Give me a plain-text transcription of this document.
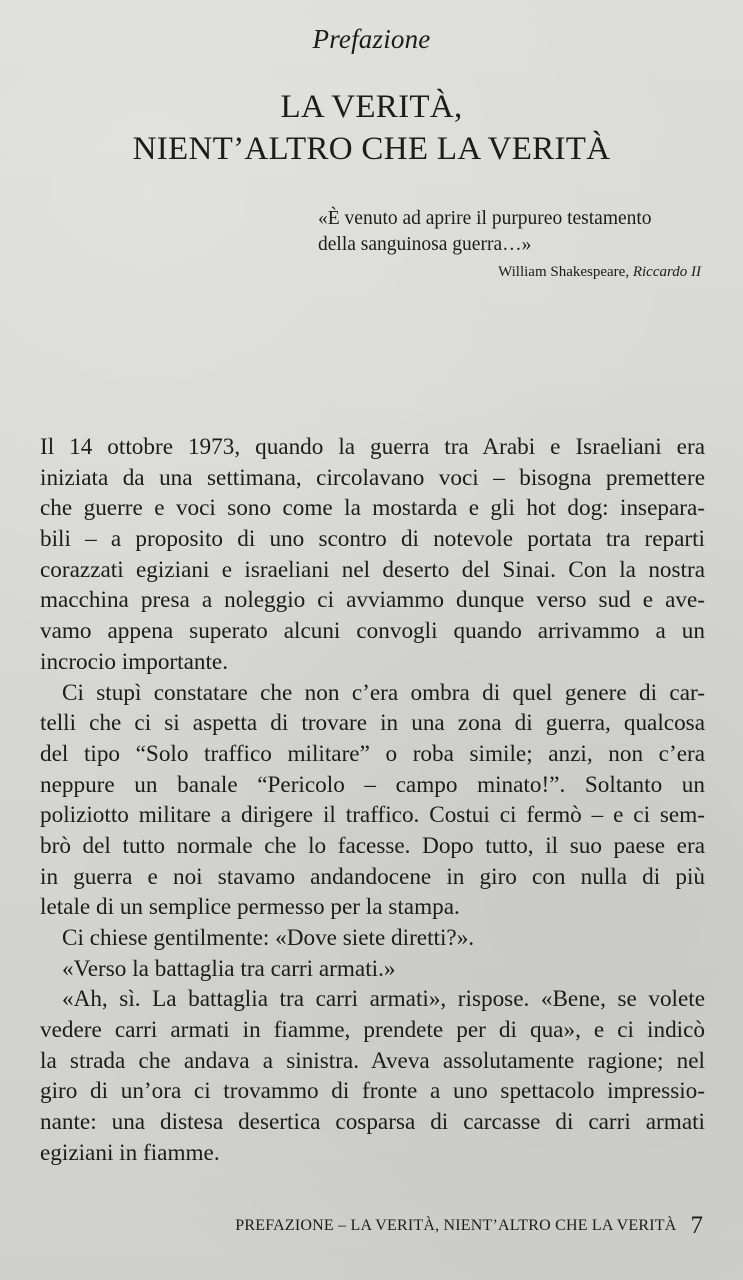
Prefazione
LA VERITÀ,
NIENT’ALTRO CHE LA VERITÀ
«È venuto ad aprire il purpureo testamento
della sanguinosa guerra…»
William Shakespeare, Riccardo II
Il 14 ottobre 1973, quando la guerra tra Arabi e Israeliani era
iniziata da una settimana, circolavano voci – bisogna premettere
che guerre e voci sono come la mostarda e gli hot dog: insepara-
bili – a proposito di uno scontro di notevole portata tra reparti
corazzati egiziani e israeliani nel deserto del Sinai. Con la nostra
macchina presa a noleggio ci avviammo dunque verso sud e ave-
vamo appena superato alcuni convogli quando arrivammo a un
incrocio importante.
Ci stupì constatare che non c’era ombra di quel genere di car-
telli che ci si aspetta di trovare in una zona di guerra, qualcosa
del tipo “Solo traffico militare” o roba simile; anzi, non c’era
neppure un banale “Pericolo – campo minato!”. Soltanto un
poliziotto militare a dirigere il traffico. Costui ci fermò – e ci sem-
brò del tutto normale che lo facesse. Dopo tutto, il suo paese era
in guerra e noi stavamo andandocene in giro con nulla di più
letale di un semplice permesso per la stampa.
Ci chiese gentilmente: «Dove siete diretti?».
«Verso la battaglia tra carri armati.»
«Ah, sì. La battaglia tra carri armati», rispose. «Bene, se volete
vedere carri armati in fiamme, prendete per di qua», e ci indicò
la strada che andava a sinistra. Aveva assolutamente ragione; nel
giro di un’ora ci trovammo di fronte a uno spettacolo impressio-
nante: una distesa desertica cosparsa di carcasse di carri armati
egiziani in fiamme.
PREFAZIONE – LA VERITÀ, NIENT’ALTRO CHE LA VERITÀ 7
